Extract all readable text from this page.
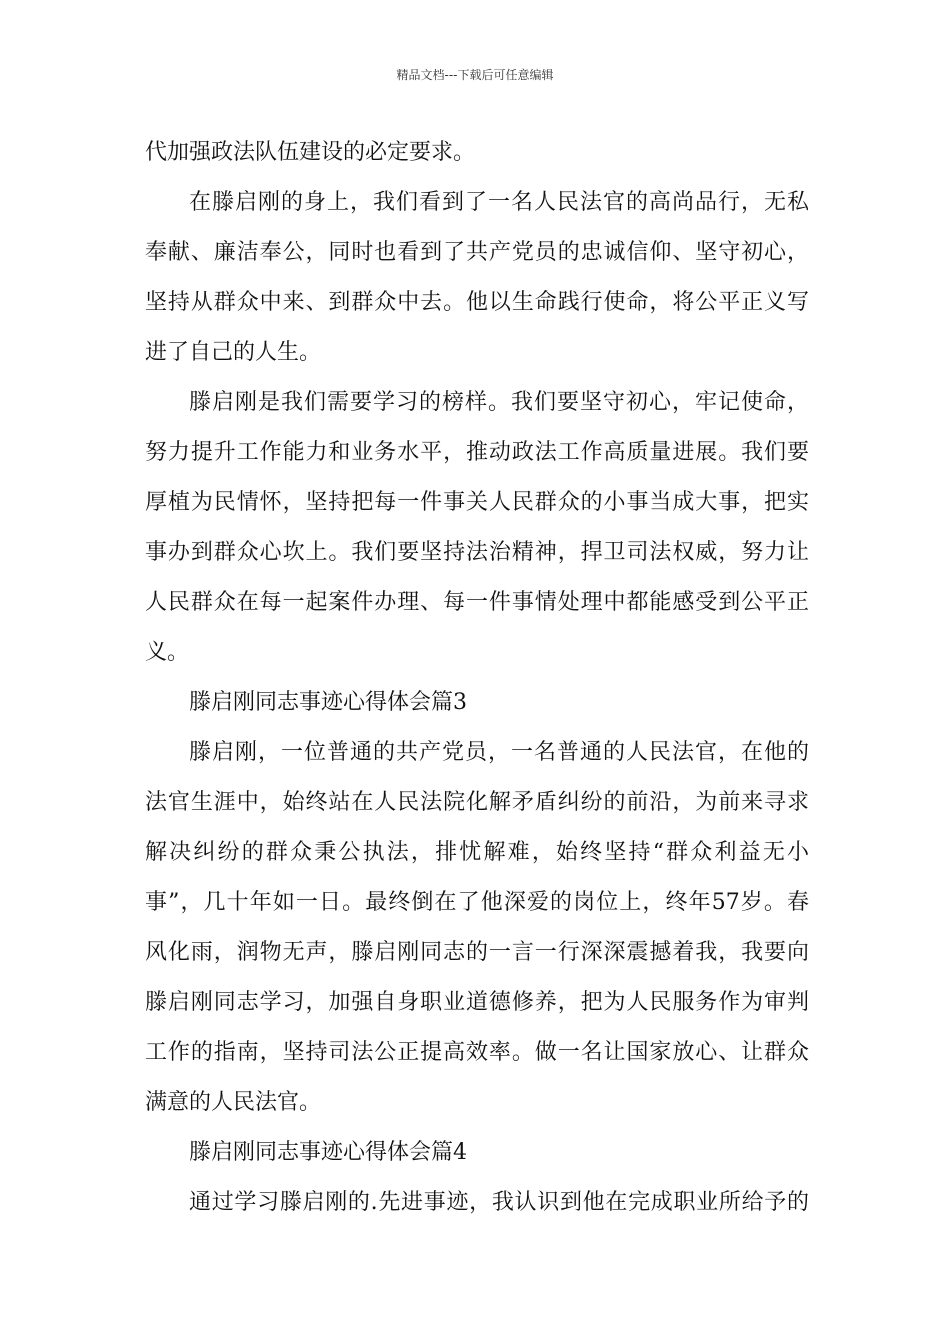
精品文档---下载后可任意编辑
代加强政法队伍建设的必定要求。
在滕启刚的身上，我们看到了一名人民法官的高尚品行，无私
奉献、廉洁奉公，同时也看到了共产党员的忠诚信仰、坚守初心，
坚持从群众中来、到群众中去。他以生命践行使命，将公平正义写
进了自己的人生。
滕启刚是我们需要学习的榜样。我们要坚守初心，牢记使命，
努力提升工作能力和业务水平，推动政法工作高质量进展。我们要
厚植为民情怀，坚持把每一件事关人民群众的小事当成大事，把实
事办到群众心坎上。我们要坚持法治精神，捍卫司法权威，努力让
人民群众在每一起案件办理、每一件事情处理中都能感受到公平正
义。
滕启刚同志事迹心得体会篇3
滕启刚，一位普通的共产党员，一名普通的人民法官，在他的
法官生涯中，始终站在人民法院化解矛盾纠纷的前沿，为前来寻求
解决纠纷的群众秉公执法，排忧解难，始终坚持“群众利益无小
事”，几十年如一日。最终倒在了他深爱的岗位上，终年57岁。春
风化雨，润物无声，滕启刚同志的一言一行深深震撼着我，我要向
滕启刚同志学习，加强自身职业道德修养，把为人民服务作为审判
工作的指南，坚持司法公正提高效率。做一名让国家放心、让群众
满意的人民法官。
滕启刚同志事迹心得体会篇4
通过学习滕启刚的.先进事迹，我认识到他在完成职业所给予的
